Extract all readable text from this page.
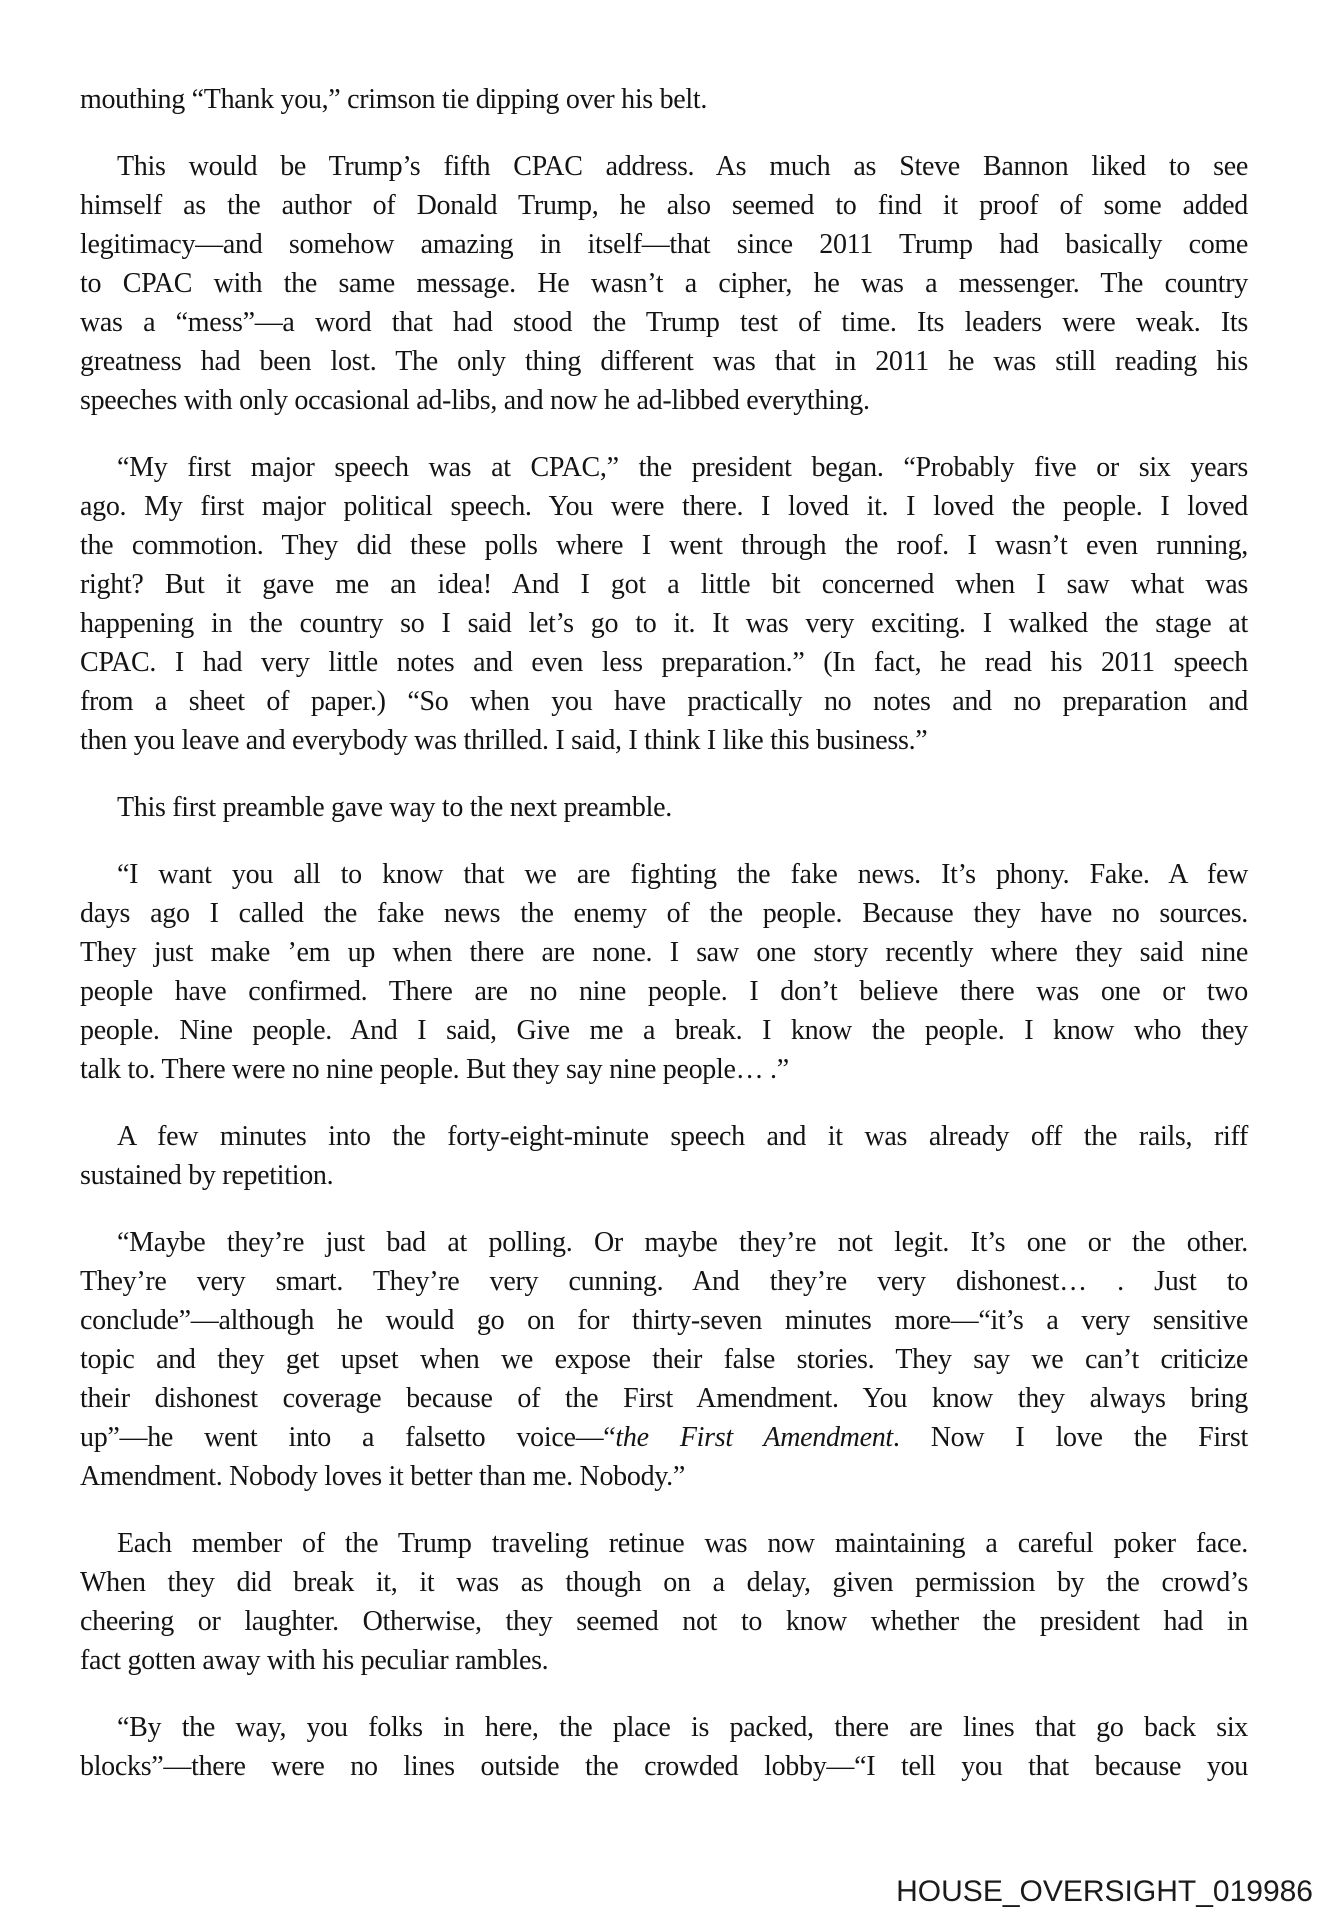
mouthing “Thank you,” crimson tie dipping over his belt.
This would be Trump’s fifth CPAC address. As much as Steve Bannon liked to see
himself as the author of Donald Trump, he also seemed to find it proof of some added
legitimacy—and somehow amazing in itself—that since 2011 Trump had basically come
to CPAC with the same message. He wasn’t a cipher, he was a messenger. The country
was a “mess”—a word that had stood the Trump test of time. Its leaders were weak. Its
greatness had been lost. The only thing different was that in 2011 he was still reading his
speeches with only occasional ad-libs, and now he ad-libbed everything.
“My first major speech was at CPAC,” the president began. “Probably five or six years
ago. My first major political speech. You were there. I loved it. I loved the people. I loved
the commotion. They did these polls where I went through the roof. I wasn’t even running,
right? But it gave me an idea! And I got a little bit concerned when I saw what was
happening in the country so I said let’s go to it. It was very exciting. I walked the stage at
CPAC. I had very little notes and even less preparation.” (In fact, he read his 2011 speech
from a sheet of paper.) “So when you have practically no notes and no preparation and
then you leave and everybody was thrilled. I said, I think I like this business.”
This first preamble gave way to the next preamble.
“I want you all to know that we are fighting the fake news. It’s phony. Fake. A few
days ago I called the fake news the enemy of the people. Because they have no sources.
They just make ’em up when there are none. I saw one story recently where they said nine
people have confirmed. There are no nine people. I don’t believe there was one or two
people. Nine people. And I said, Give me a break. I know the people. I know who they
talk to. There were no nine people. But they say nine people… .”
A few minutes into the forty-eight-minute speech and it was already off the rails, riff
sustained by repetition.
“Maybe they’re just bad at polling. Or maybe they’re not legit. It’s one or the other.
They’re very smart. They’re very cunning. And they’re very dishonest… . Just to
conclude”—although he would go on for thirty-seven minutes more—“it’s a very sensitive
topic and they get upset when we expose their false stories. They say we can’t criticize
their dishonest coverage because of the First Amendment. You know they always bring
up”—he went into a falsetto voice—“the First Amendment. Now I love the First
Amendment. Nobody loves it better than me. Nobody.”
Each member of the Trump traveling retinue was now maintaining a careful poker face.
When they did break it, it was as though on a delay, given permission by the crowd’s
cheering or laughter. Otherwise, they seemed not to know whether the president had in
fact gotten away with his peculiar rambles.
“By the way, you folks in here, the place is packed, there are lines that go back six
blocks”—there were no lines outside the crowded lobby—“I tell you that because you
HOUSE_OVERSIGHT_019986
